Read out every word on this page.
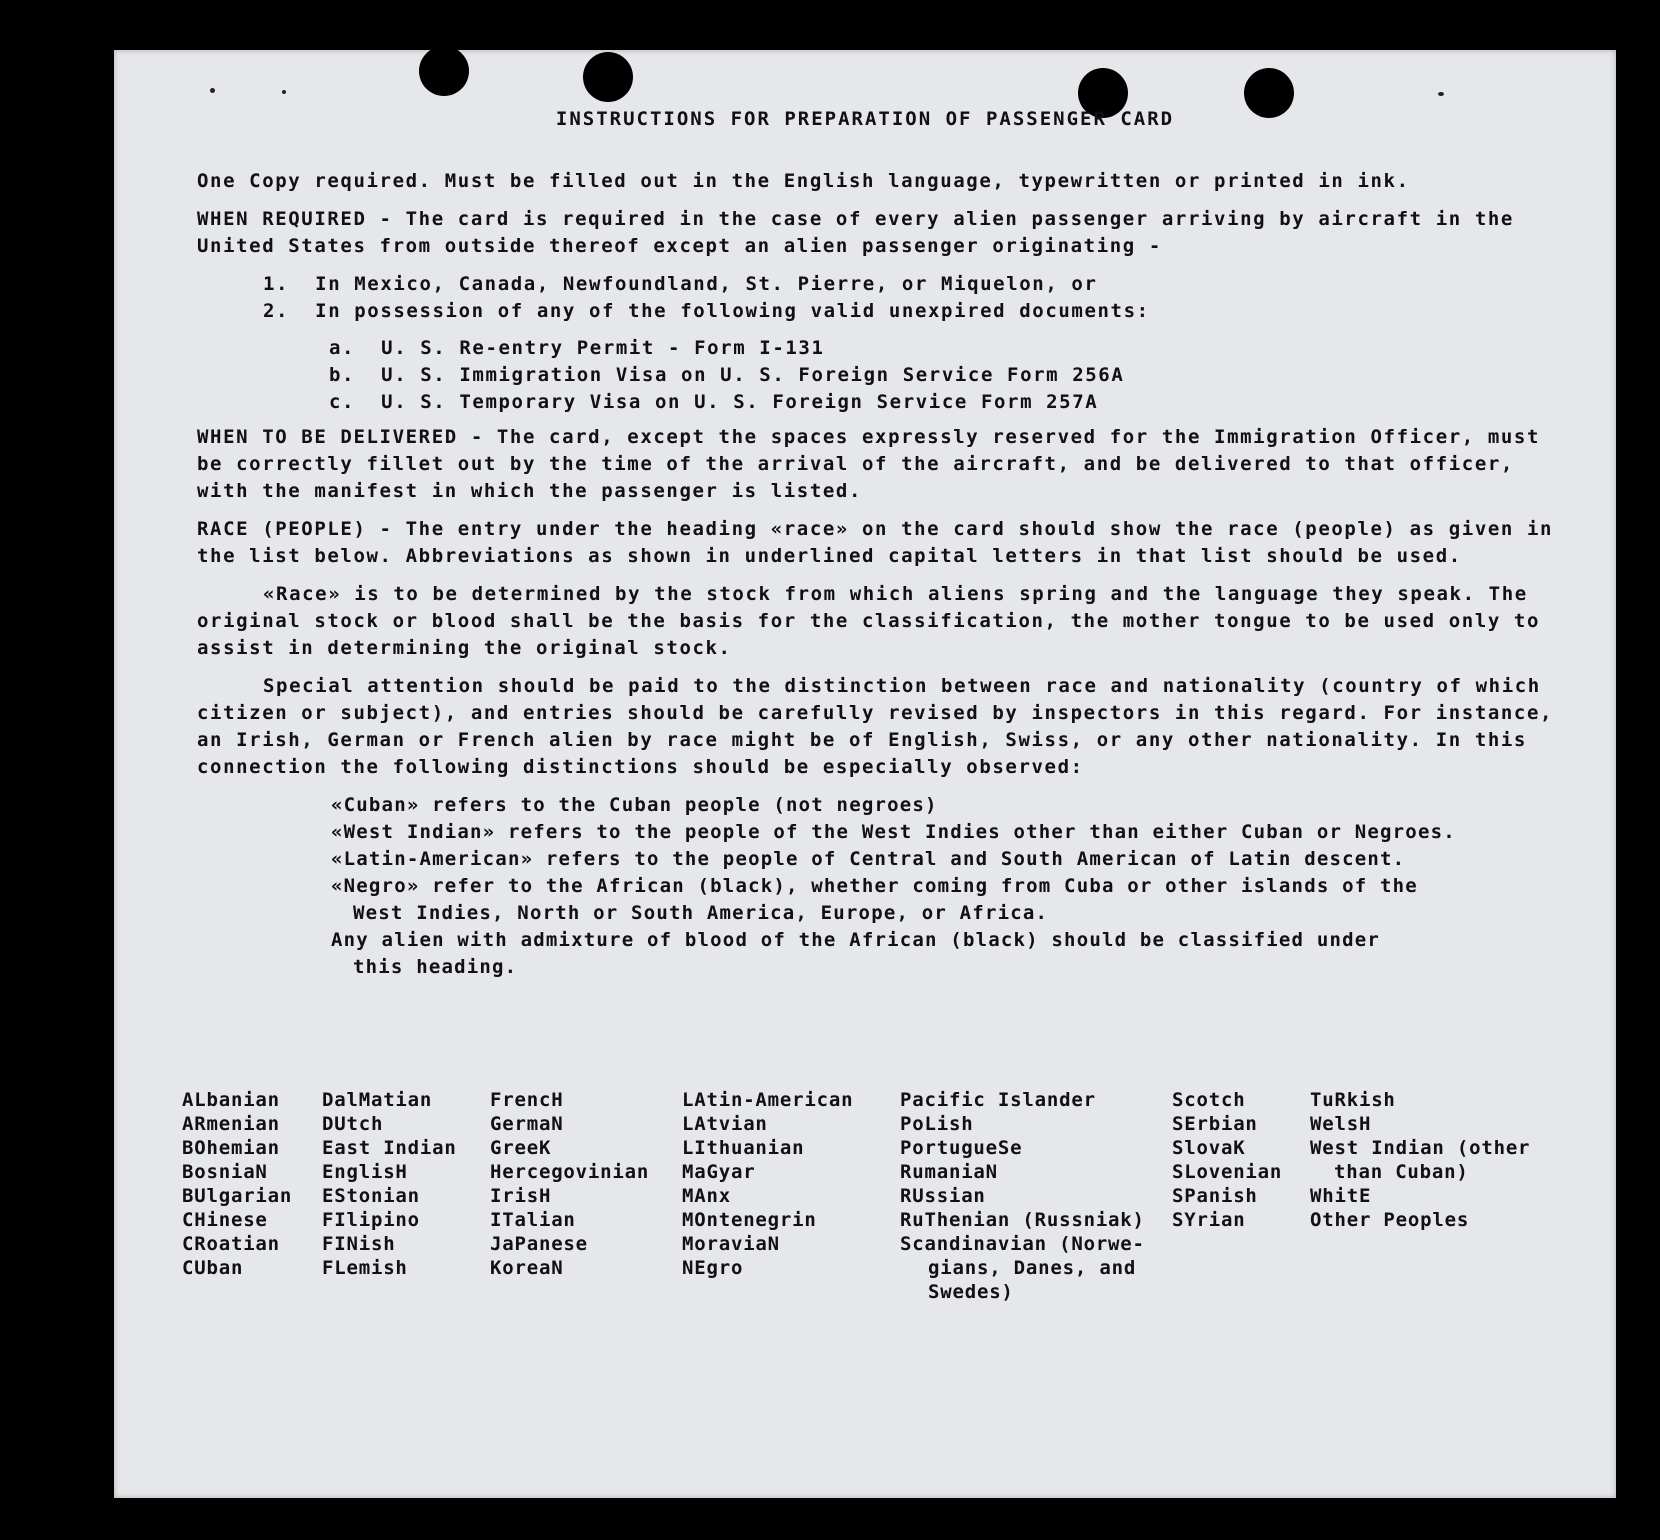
INSTRUCTIONS FOR PREPARATION OF PASSENGER CARD

One Copy required. Must be filled out in the English language, typewritten or printed in ink.

WHEN REQUIRED - The card is required in the case of every alien passenger arriving by aircraft in the United States from outside thereof except an alien passenger originating -

1.  In Mexico, Canada, Newfoundland, St. Pierre, or Miquelon, or
2.  In possession of any of the following valid unexpired documents:
a.  U. S. Re-entry Permit - Form I-131
b.  U. S. Immigration Visa on U. S. Foreign Service Form 256A
c.  U. S. Temporary Visa on U. S. Foreign Service Form 257A

WHEN TO BE DELIVERED - The card, except the spaces expressly reserved for the Immigration Officer, must be correctly fillet out by the time of the arrival of the aircraft, and be delivered to that officer, with the manifest in which the passenger is listed.

RACE (PEOPLE) - The entry under the heading «race» on the card should show the race (people) as given in the list below. Abbreviations as shown in underlined capital letters in that list should be used.

«Race» is to be determined by the stock from which aliens spring and the language they speak. The original stock or blood shall be the basis for the classification, the mother tongue to be used only to assist in determining the original stock.

Special attention should be paid to the distinction between race and nationality (country of which citizen or subject), and entries should be carefully revised by inspectors in this regard. For instance, an Irish, German or French alien by race might be of English, Swiss, or any other nationality. In this connection the following distinctions should be especially observed:

«Cuban» refers to the Cuban people (not negroes)
«West Indian» refers to the people of the West Indies other than either Cuban or Negroes.
«Latin-American» refers to the people of Central and South American of Latin descent.
«Negro» refer to the African (black), whether coming from Cuba or other islands of the
West Indies, North or South America, Europe, or Africa.
Any alien with admixture of blood of the African (black) should be classified under
this heading.
ALbanian
ARmenian
BOhemian
BosniaN
BUlgarian
CHinese
CRoatian
CUban
DalMatian
DUtch
East Indian
EnglisH
EStonian
FIlipino
FINish
FLemish
FrencH
GermaN
GreeK
Hercegovinian
IrisH
ITalian
JaPanese
KoreaN
LAtin-American
LAtvian
LIthuanian
MaGyar
MAnx
MOntenegrin
MoraviaN
NEgro
Pacific Islander
PoLish
PortugueSe
RumaniaN
RUssian
RuThenian (Russniak)
Scandinavian (Norwe-
gians, Danes, and
Swedes)
Scotch
SErbian
SlovaK
SLovenian
SPanish
SYrian
TuRkish
WelsH
West Indian (other
than Cuban)
WhitE
Other Peoples
